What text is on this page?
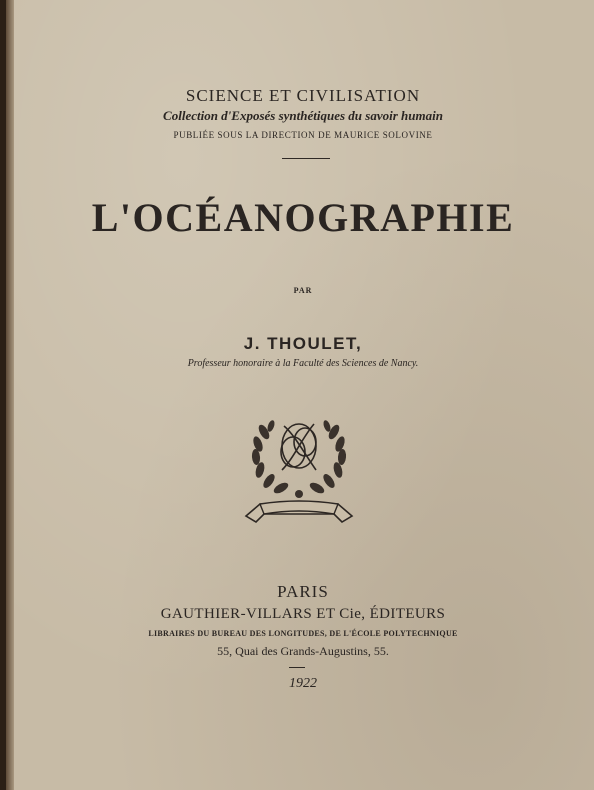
SCIENCE ET CIVILISATION
Collection d'Exposés synthétiques du savoir humain
PUBLIÉE SOUS LA DIRECTION DE MAURICE SOLOVINE
L'OCÉANOGRAPHIE
PAR
J. THOULET,
Professeur honoraire à la Faculté des Sciences de Nancy.
PARIS
GAUTHIER-VILLARS ET Cie, ÉDITEURS
LIBRAIRES DU BUREAU DES LONGITUDES, DE L'ÉCOLE POLYTECHNIQUE
55, Quai des Grands-Augustins, 55.
1922
